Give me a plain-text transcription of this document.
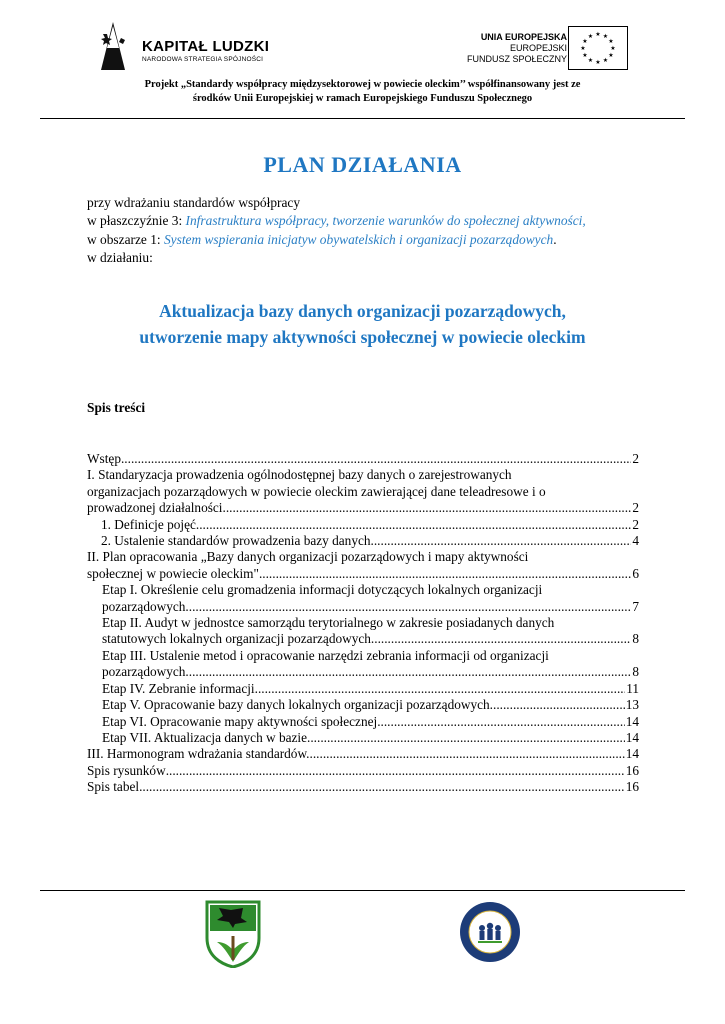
KAPITAŁ LUDZKI
NARODOWA STRATEGIA SPÓJNOŚCI
UNIA EUROPEJSKA
EUROPEJSKI
FUNDUSZ SPOŁECZNY
★ ★
★
★
★
★
★
★
★
★
★
★
Projekt „Standardy współpracy międzysektorowej w powiecie oleckim’’ współfinansowany jest ze
środków Unii Europejskiej w ramach Europejskiego Funduszu Społecznego
PLAN DZIAŁANIA
przy wdrażaniu standardów współpracy
w płaszczyźnie 3: Infrastruktura współpracy, tworzenie warunków do społecznej aktywności,
w obszarze 1: System wspierania inicjatyw obywatelskich i organizacji pozarządowych.
w działaniu:
Aktualizacja bazy danych organizacji pozarządowych,
utworzenie mapy aktywności społecznej w powiecie oleckim
Spis treści
Wstęp .....	2
I. Standaryzacja prowadzenia ogólnodostępnej bazy danych o zarejestrowanych
organizacjach pozarządowych w powiecie oleckim zawierającej dane teleadresowe i o
prowadzonej działalności. .....	2
1. Definicje pojęć. .....	2
2. Ustalenie standardów prowadzenia bazy danych. .....	4
II. Plan opracowania „Bazy danych organizacji pozarządowych i mapy aktywności
społecznej w powiecie oleckim" .....	6
Etap I. Określenie celu gromadzenia informacji dotyczących lokalnych organizacji
pozarządowych. .....	7
Etap II. Audyt w jednostce samorządu terytorialnego w zakresie posiadanych danych
statutowych lokalnych organizacji pozarządowych. .....	8
Etap III. Ustalenie metod i opracowanie narzędzi zebrania informacji od organizacji
pozarządowych. .....	8
Etap IV. Zebranie informacji. .....	11
Etap V. Opracowanie bazy danych lokalnych organizacji pozarządowych. .....	13
Etap VI. Opracowanie mapy aktywności społecznej. .....	14
Etap VII. Aktualizacja danych w bazie. .....	14
III. Harmonogram wdrażania standardów. .....	14
Spis rysunków .....	16
Spis tabel .....	16
